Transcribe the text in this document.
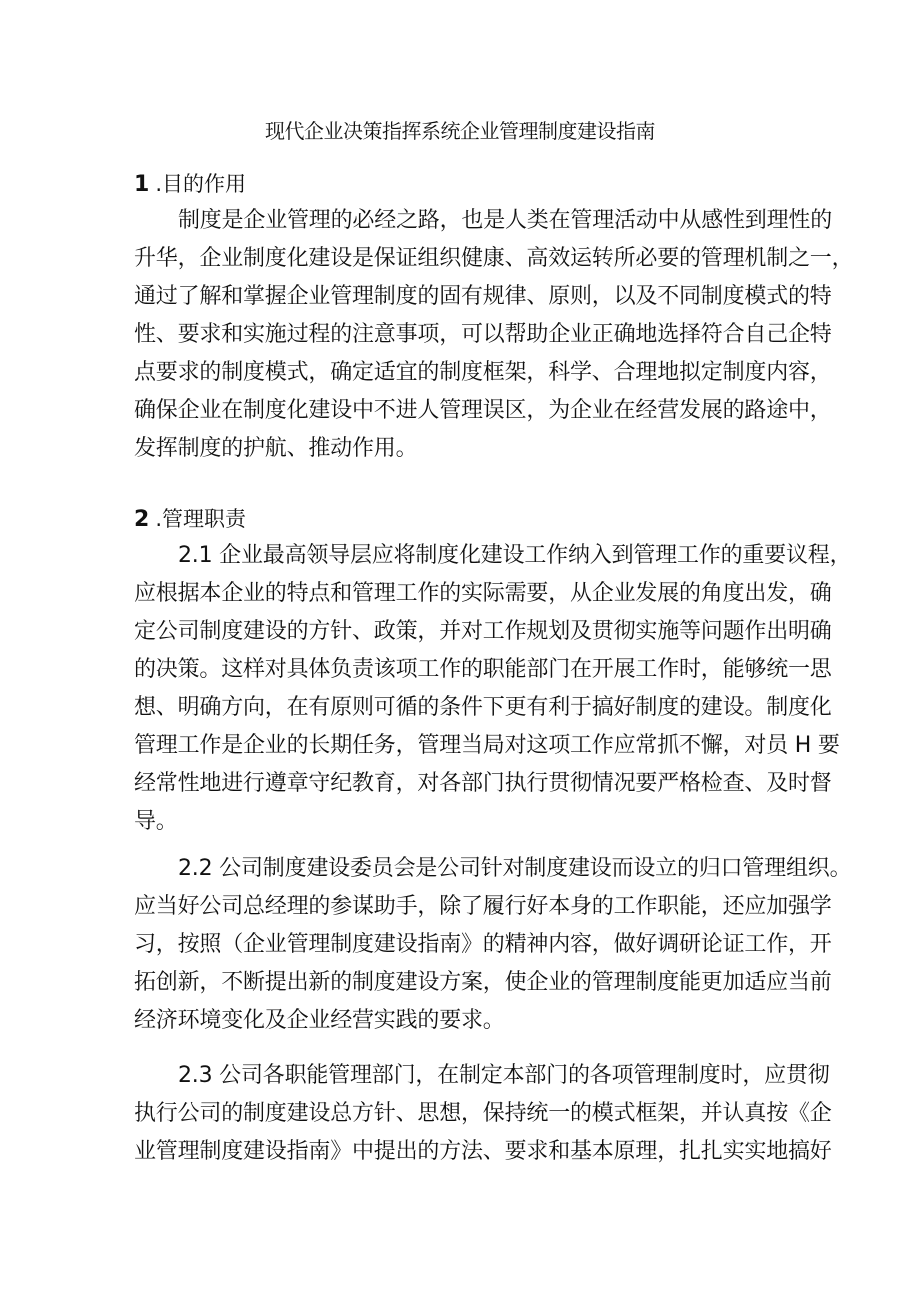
现代企业决策指挥系统企业管理制度建设指南
1 .目的作用
制度是企业管理的必经之路，也是人类在管理活动中从感性到理性的
升华，企业制度化建设是保证组织健康、高效运转所必要的管理机制之一，
通过了解和掌握企业管理制度的固有规律、原则，以及不同制度模式的特
性、要求和实施过程的注意事项，可以帮助企业正确地选择符合自己企特
点要求的制度模式，确定适宜的制度框架，科学、合理地拟定制度内容，
确保企业在制度化建设中不进人管理误区，为企业在经营发展的路途中，
发挥制度的护航、推动作用。
2 .管理职责
2.1 企业最高领导层应将制度化建设工作纳入到管理工作的重要议程，
应根据本企业的特点和管理工作的实际需要，从企业发展的角度出发，确
定公司制度建设的方针、政策，并对工作规划及贯彻实施等问题作出明确
的决策。这样对具体负责该项工作的职能部门在开展工作时，能够统一思
想、明确方向，在有原则可循的条件下更有利于搞好制度的建设。制度化
管理工作是企业的长期任务，管理当局对这项工作应常抓不懈，对员 H 要
经常性地进行遵章守纪教育，对各部门执行贯彻情况要严格检查、及时督
导。
2.2 公司制度建设委员会是公司针对制度建设而设立的归口管理组织。
应当好公司总经理的参谋助手，除了履行好本身的工作职能，还应加强学
习，按照（企业管理制度建设指南》的精神内容，做好调研论证工作，开
拓创新，不断提出新的制度建设方案，使企业的管理制度能更加适应当前
经济环境变化及企业经营实践的要求。
2.3 公司各职能管理部门，在制定本部门的各项管理制度时，应贯彻
执行公司的制度建设总方针、思想，保持统一的模式框架，并认真按《企
业管理制度建设指南》中提出的方法、要求和基本原理，扎扎实实地搞好
